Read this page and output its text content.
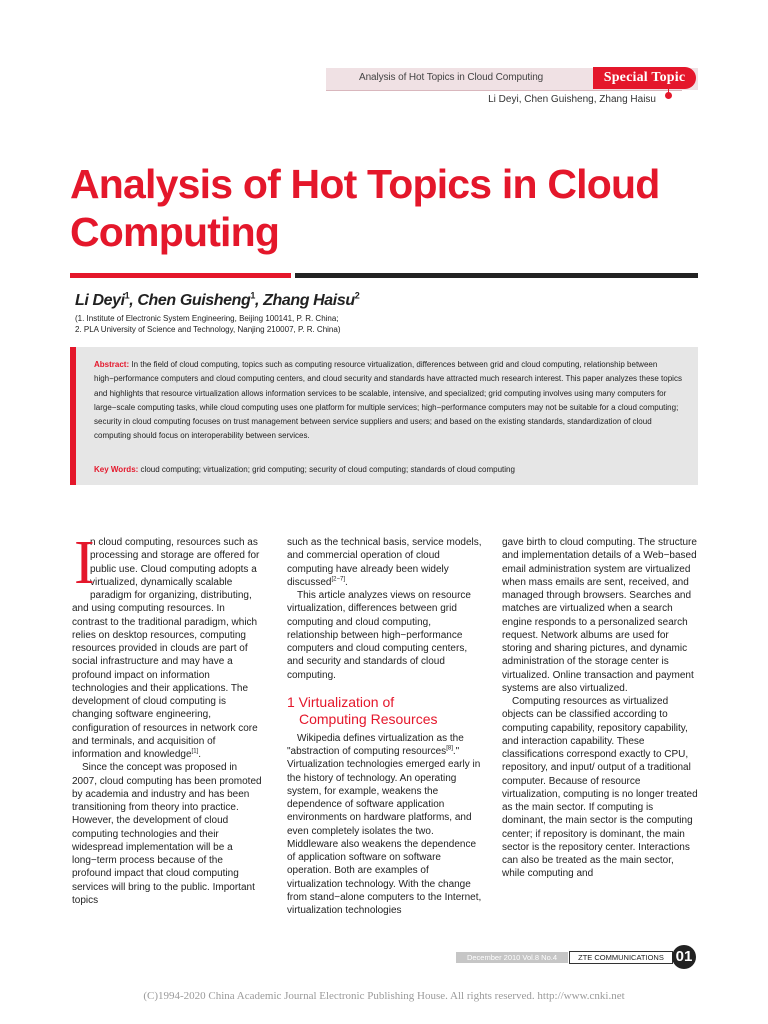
Analysis of Hot Topics in Cloud Computing	Special Topic
Li Deyi, Chen Guisheng, Zhang Haisu
Analysis of Hot Topics in Cloud Computing
Li Deyi$^1$, Chen Guisheng$^1$, Zhang Haisu$^2$
(1. Institute of Electronic System Engineering, Beijing 100141, P. R. China;
2. PLA University of Science and Technology, Nanjing 210007, P. R. China)
Abstract: In the field of cloud computing, topics such as computing resource virtualization, differences between grid and cloud computing, relationship between high−performance computers and cloud computing centers, and cloud security and standards have attracted much research interest. This paper analyzes these topics and highlights that resource virtualization allows information services to be scalable, intensive, and specialized; grid computing involves using many computers for large−scale computing tasks, while cloud computing uses one platform for multiple services; high−performance computers may not be suitable for a cloud computing; security in cloud computing focuses on trust management between service suppliers and users; and based on the existing standards, standardization of cloud computing should focus on interoperability between services.
Key Words: cloud computing; virtualization; grid computing; security of cloud computing; standards of cloud computing

I
n cloud computing, resources such as processing and storage are offered for public use. Cloud computing adopts a virtualized, dynamically scalable paradigm for organizing, distributing, and using computing resources. In contrast to the traditional paradigm, which relies on desktop resources, computing resources provided in clouds are part of social infrastructure and may have a profound impact on information technologies and their applications. The development of cloud computing is changing software engineering, configuration of resources in network core and terminals, and acquisition of information and knowledge[1].

Since the concept was proposed in 2007, cloud computing has been promoted by academia and industry and has been transitioning from theory into practice. However, the development of cloud computing technologies and their widespread implementation will be a long−term process because of the profound impact that cloud computing services will bring to the public. Important topics

such as the technical basis, service models, and commercial operation of cloud computing have already been widely discussed[2−7].

This article analyzes views on resource virtualization, differences between grid computing and cloud computing, relationship between high−performance computers and cloud computing centers, and security and standards of cloud computing.

1 Virtualization of
Computing Resources

Wikipedia defines virtualization as the "abstraction of computing resources[8]." Virtualization technologies emerged early in the history of technology. An operating system, for example, weakens the dependence of software application environments on hardware platforms, and even completely isolates the two. Middleware also weakens the dependence of application software on software operation. Both are examples of virtualization technology. With the change from stand−alone computers to the Internet, virtualization technologies

gave birth to cloud computing. The structure and implementation details of a Web−based email administration system are virtualized when mass emails are sent, received, and managed through browsers. Searches and matches are virtualized when a search engine responds to a personalized search request. Network albums are used for storing and sharing pictures, and dynamic administration of the storage center is virtualized. Online transaction and payment systems are also virtualized.

Computing resources as virtualized objects can be classified according to computing capability, repository capability, and interaction capability. These classifications correspond exactly to CPU, repository, and input/ output of a traditional computer. Because of resource virtualization, computing is no longer treated as the main sector. If computing is dominant, the main sector is the computing center; if repository is dominant, the main sector is the repository center. Interactions can also be treated as the main sector, while computing and

December 2010 Vol.8 No.4	ZTE COMMUNICATIONS 01
(C)1994-2020 China Academic Journal Electronic Publishing House. All rights reserved. http://www.cnki.net
